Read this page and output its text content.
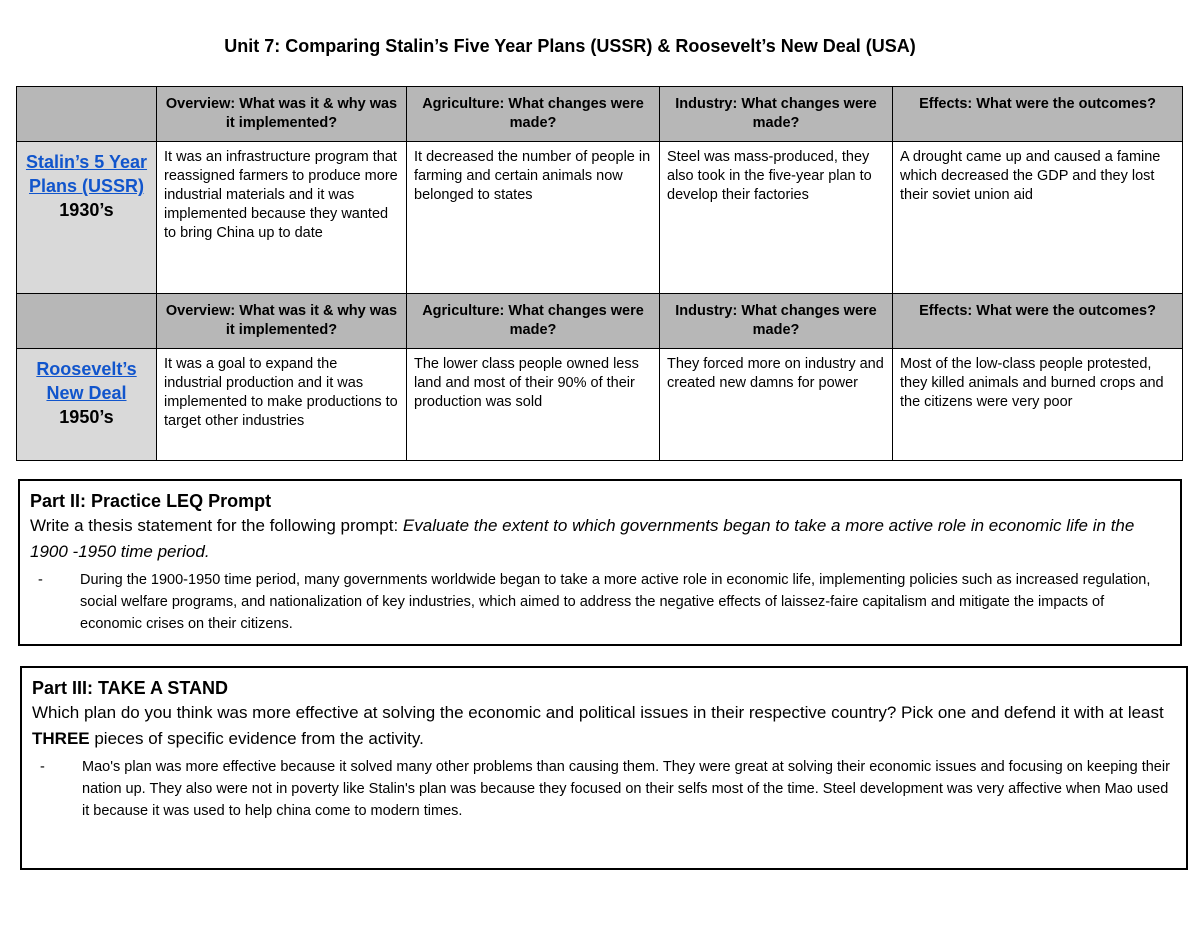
Unit 7: Comparing Stalin’s Five Year Plans (USSR) & Roosevelt’s New Deal (USA)
	Overview: What was it & why was it implemented?	Agriculture: What changes were made?	Industry: What changes were made?	Effects: What were the outcomes?

Stalin’s 5 Year Plans (USSR)
1930’s	It was an infrastructure program that reassigned farmers to produce more industrial materials and it was implemented because they wanted to bring China up to date	It decreased the number of people in farming and certain animals now belonged to states	Steel was mass-produced, they also took in the five-year plan to develop their factories	A drought came up and caused a famine which decreased the GDP and they lost their soviet union aid
	Overview: What was it & why was it implemented?	Agriculture: What changes were made?	Industry: What changes were made?	Effects: What were the outcomes?

Roosevelt’s New Deal
1950’s	It was a goal to expand the industrial production and it was implemented to make productions to target other industries	The lower class people owned less land and most of their 90% of their production was sold	They forced more on industry and created new damns for power	Most of the low-class people protested, they killed animals and burned crops and the citizens were very poor
Part II: Practice LEQ Prompt

Write a thesis statement for the following prompt: Evaluate the extent to which governments began to take a more active role in economic life in the 1900 -1950 time period.

-	During the 1900-1950 time period, many governments worldwide began to take a more active role in economic life, implementing policies such as increased regulation, social welfare programs, and nationalization of key industries, which aimed to address the negative effects of laissez-faire capitalism and mitigate the impacts of economic crises on their citizens.
Part III: TAKE A STAND

Which plan do you think was more effective at solving the economic and political issues in their respective country? Pick one and defend it with at least THREE pieces of specific evidence from the activity.

-	Mao's plan was more effective because it solved many other problems than causing them. They were great at solving their economic issues and focusing on keeping their nation up. They also were not in poverty like Stalin's plan was because they focused on their selfs most of the time. Steel development was very affective when Mao used it because it was used to help china come to modern times.
